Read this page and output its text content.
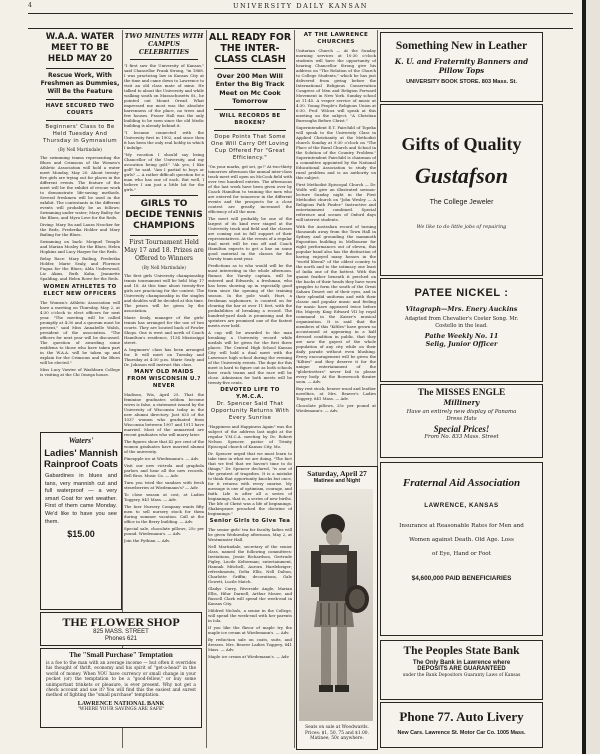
4	UNIVERSITY DAILY KANSAN
W.A.A. WATER MEET TO BE HELD MAY 20
Rescue Work, With Freshmen as Dummies, Will Be the Feature
HAVE SECURED TWO COURTS
Beginners' Class to Be Held Tuesday And Thursday in Gymnasium
(By Nell Martindale)

The swimming teams representing the Blues and Crimsons of the Women's Athletic Association will hold a water meet Monday, May 20. About twenty-five girls are trying out for places in the different events. The feature of the meet will be the exhibit of rescue work to demonstrate life-saving methods. Several freshmen will be used in the exhibit. The contestants in the different events will probably be as follows: Swimming under water; Mary Bailey for the Blues, and Myra Love for the Reds.

Diving: Mary Ita and Laura Neocker for the Reds, Frederika Holder and Mary Bailing for the Blues.

Swimming on back: Meiguel Temple and Marian Mosley for the Blues, Helen Hopkins and Lucy Harper for the Reds.

Relay Race: Mary Bailing, Frederika Holder, Marie Sealy, and Florence Fugua for the Blues; Alda Underwood, Liz Akins, Ruth Kahn, Jeannette Spalding, and Helen Rowe for the Reds.

WOMEN ATHLETES TO ELECT NEW OFFICERS

The Women's Athletic Association will have a meeting on Thursday, May 2, at 4:30 o'clock to elect officers for next year. "The meeting will be called promptly at 4:30 and a quorum must be present," said Miss Annabelle Walsh, president of the association. "The officers for next year will be discussed. The question of awarding some emblems to those who have taken part in the W.A.A. will be taken up and explain for the Crimsons and the Blues will be elected."

Miss Lucy Vawter of Washburn College is visiting at the Chi Omega house.

Waters'
Ladies' Mannish Rainproof Coats
Gabardines in blues and tans, very mannish cut and full waterproof — a very smart Coat for wet weather. First of them came Monday. We'd like to have you see them.
$15.00
THE FLOWER SHOP
825 MASS. STREET
Phones 621
The "Small Purchase" Temptation
is a foe to the man with an average income — but often it overrides his thought of thrift, economy and his spirit of "get-a-head" in the world of money. When YOU have currency or small change in your pocket (or) the temptation to be a "good-fellow," or buy some unimportant trinkets or pleasure, is ever present. Why not get a check account and use it? You will find this the easiest and surest method of fighting the "small purchase" temptation.
LAWRENCE NATIONAL BANK
"WHERE YOUR SAVINGS ARE SAFE"
TWO MINUTES WITH CAMPUS CELEBRITIES

"I first saw the University of Kansas," said Chancellor Frank Strong, "in 1868. I was practicing law in Kansas City at the time and came down to Lawrence to visit an old class mate of mine. He talked to about the University and while walking south on Massachusetts St., he pointed out Mount Oread. What impressed me most was the absolute barrenness of the place, no trees and few houses. Fraser Hall was the only building to be seen since the old Medic building is already behind it.

"I became connected with the University first in 1902, and since then it has been the only real hobby in which I indulge.

"My vocation I should say being Chancellor of the University, and my avocation being golf." "Ah yes, I like golf" he said. "Am I partial to boys or girls? — A rather difficult question for a man who has one of each. But well, I believe I am just a little bit for the girls."

GIRLS TO DECIDE TENNIS CHAMPIONS
First Tournament Held May 17 and 18. Prizes are Offered to Winners
(By Nell Martindale)

The first girls University championship tennis tournament will be held May 17 and 18. At this time about twenty-five girls are practicing for the contest. The University championship in the singles and doubles will be decided at this time. The prizes will be given by the association.

Marie Sealy, manager of the girls' tennis has arranged for the use of two courts. They are located back of Fowler Shops. One is west and north of Coach Hamilton's residence, 1134 Mississippi street.

A beginners' class has been arranged for. It will meet on Tuesday and Thursday at 4:30 p.m. Marie Sealy and Dr. Johnson will instruct this class.

MANY OLD MAIDS FROM WISCONSIN U.? NEVER

Madison, Wis, April 25. That the feminine graduates seldom become wives is false, a statement issued by the University of Wisconsin today in the new alumni directory. Just 625 of the 1037 women who graduated from Wisconsin between 1907 and 1911 have married. Most of the unmarried are recent graduates who will marry later.

The figures show that 42 per cent of the women graduates have married alumni of the university.

Pineapple ice at Wiedemann's. — Adv.

Visit our new victrola and graphola parlors and hear all the new records. Bell Bros. Music Co. — Adv.

Turn you tried the sundaes with fresh strawberries at Wiedemann's? — Adv.

To close season at cost, at Ladies Toggery, 841 Mass. — Adv.

The Iner Nursery Company wants fifty men to sell nursery stock for them during summer vacation. Call at the office in the Berry building. — Adv.

Special sale, chocolate pillows, 25c per pound. Wiedemann's. — Adv.

Join the Pythian — Adv.

ALL READY FOR THE INTER-CLASS CLASH
Over 200 Men Will Enter the Big Track Meet on Mc Cook Tomorrow
WILL RECORDS BE BROKEN?
Dope Points That Some One Will Carry Off Loving Cup Offered For "Great Efficiency."

"On your marks, get set, go!" At two-thirty tomorrow afternoon the annual inter-class track meet will open on McCook field with over two hundred entries. The afternoons of the last week have been given over by Coach Hamilton to training the men who are entered for tomorrow in the different events and the prospects for a close contest are greatly increased the efficiency of all the men.

The meet will probably be one of the largest of its kind ever staged at the University track and field and the classes are coming out in full support of their representatives. At the events of a regular dual meet will be run off and Coach Hamilton expects to get a line on some good material in the classes for the Varsity team next year.

Predictions as to who would will be the most interesting in the whole afternoon. Rumor, the Varsity captain, will be entered and Edwards, a freshman, who has been showing up in especially good form since the opening of the training season. In the pole vault, Hurt, a freshman sophomore, is counted on for clearing the bar at over 11 feet, with the probabilities of breaking a record. The hundred-yard dash is promising and the sprinters are promised one of the fastest meets ever held.

A cup will be awarded to the man breaking a University record while medals will be given for the first three places. The Central High School Kansas City will hold a dual meet with the Lawrence high school during the evening of the University events. The dope for this meet is hard to figure out as both schools have crack teams and the race will be close. Admission for both meets will be twenty-five cents.

DEVOTED LIFE TO Y.M.C.A.
Dr. Spencer Said That Opportunity Returns With Every Sunrise

"Happiness and Happiness Again" was the subject of the address last night at the regular Y.M.C.A. meeting by Dr. Robert Nelson Spencer, pastor of Trinity Episcopal church of Kansas City, Mo.

Dr. Spencer urged that we must learn to take time in what we are doing. "The fact that we feel that we haven't time to do things," Dr. Spencer declared, "is one of the greatest of tragedies. It is a mistake to think that opportunity knocks but once, for it returns with every sunrise. My message is one of optimism, courage, and faith. Life is after all a series of beginnings, that is, a series of new births. The life of Christ was a life of beginnings. Shakespeare preached the doctrine of beginnings."

Senior Girls to Give Tea

The senior girls' tea for faculty ladies will be given Wednesday afternoon, May 2, at Westminster Hall.

Nell Martindale, secretary of the senior class, named the following committees: Invitations, Jessie Richardson, Gertrude Pigley, Lucile Kelterman; entertainment, Hannah Mitchell, Aurora Hardebeiger; refreshments, Delta Ellis, Nell Dalton, Charlotte Griffin; decorations, Gale Gowett, Lucile Match.

Gladys Curry, Riverside Angle, Marian Ellis, Hilur Darnell, Arthur Mouer, and Russell Clark will spend the week-end in Kansas City.

Mildred Nichols, a senior in the College, will spend the week-end with her parents in Iola.

If you like the flavor of maple try the maple ice cream at Wiedemann's. — Adv.

By reduction sale on coats, suits, and dresses. Mrs. Beaver Ladies Toggery, 841 Mass. — Adv.

Maple ice cream at Wiedemann's. — Adv.

AT THE LAWRENCE CHURCHES

Unitarian Church — At the Sunday morning services at 10:30 o'clock students will have the opportunity of hearing Chancellor Strong give his address on "The Relation of the Church to College Students," which he has just delivered from giving before the International Religious Conservation Congress of Men and Religion Forward Movement in New York. Sunday school at 11:45. A vesper service of music at 4:30. Young People's Religious Union at 6:30. Prof. Wilcox will speak at this meeting on the subject, "A Christian Burroughs Before Christ."

Superintendent E.T. Fairchild of Topeka will speak to the University Class in Applied Christianity at the Methodist church Sunday at 9:30 o'clock on "The Place of the Rural Church and School in the Solution of the Country Problem." Superintendent Fairchild is chairman of a committee appointed by the National Educational Association to study the rural problem and is an authority on this subject.

First Methodist Episcopal Church — Dr. Wolfe will give an illustrated sermon-lecture Sunday night in the First Methodist church on "John Wesley — A Religious Path Finder." Instructive and entertainment combined. Special reference and scenes of Oxford days will interest students.

With the Australian record of turning thousands away from the Town Hall in Sydney and grounding the mammoth Exposition building in Melbourne for eight performances out of eleven, this popular band also has the distinction of having enjoyed many honors in the "world liberal" of the oldest country to the north and to the intimacy one least of India one of the hottest. With this quaint feather beneath it perched on the backs of their heads they have worn grapples to form the south of the Great Sahara Desert out of their eyes, and in their splendid uniforms and with their classic and popular music and feeling for music have appeared twice before His Majesty King Edward VII by royal command in the Kaiser's musical organization. It is said that the members of this "Kiltles" have grown so accustomed at appearing in a half dressed condition in public, that they are now the gayest of the whole population of any city while on their daily parade without even blushing. Every encouragement will be given the "Kilties" and they deserve it for the unique entertainment of the "globetrotters" never fail to please every body. At the Bowersock theater soon. — Adv.

Buy rest stock, beaver wood and leather novelties, at Mrs. Beaver's Ladies Toggery, 841 Mass. — Adv.

Chocolate pillows, 25c per pound at Wiedemann's. — Adv.

Saturday, April 27
Matinee and Night
Seats on sale at Woodwards. Prices: $1, 50, 75 and $1.00. Matinee, 50c anywhere.
Something New in Leather
K. U. and Fraternity Banners and Pillow Tops
UNIVERSITY BOOK STORE. 803 Mass. St.
Gifts of Quality
Gustafson
The College Jeweler
We like to do little jobs of repairing
PATEE NICKEL :
Vitagraph—Mrs. Enery Auckins
Adapted from Chevalier's Coster Song. Mr. Costello in the lead.
Pathe Weekly No. 11
Selig, Junior Officer
The MISSES ENGLE
Millinery
Have an entirely new display of Panama Dress Hats
Special Prices!
From No. 833 Mass. Street
Fraternal Aid Association
LAWRENCE, KANSAS
Insurance at Reasonable Rates for Men and
Women against Death. Old Age. Loss
of Eye, Hand or Foot
$4,600,000 PAID BENEFICIARIES
The Peoples State Bank
The Only Bank in Lawrence where
DEPOSITS ARE GUARANTEED
under the Bank Depositors Guaranty Laws of Kansas
Phone 77. Auto Livery
New Cars. Lawrence St. Motor Car Co. 1005 Mass.
